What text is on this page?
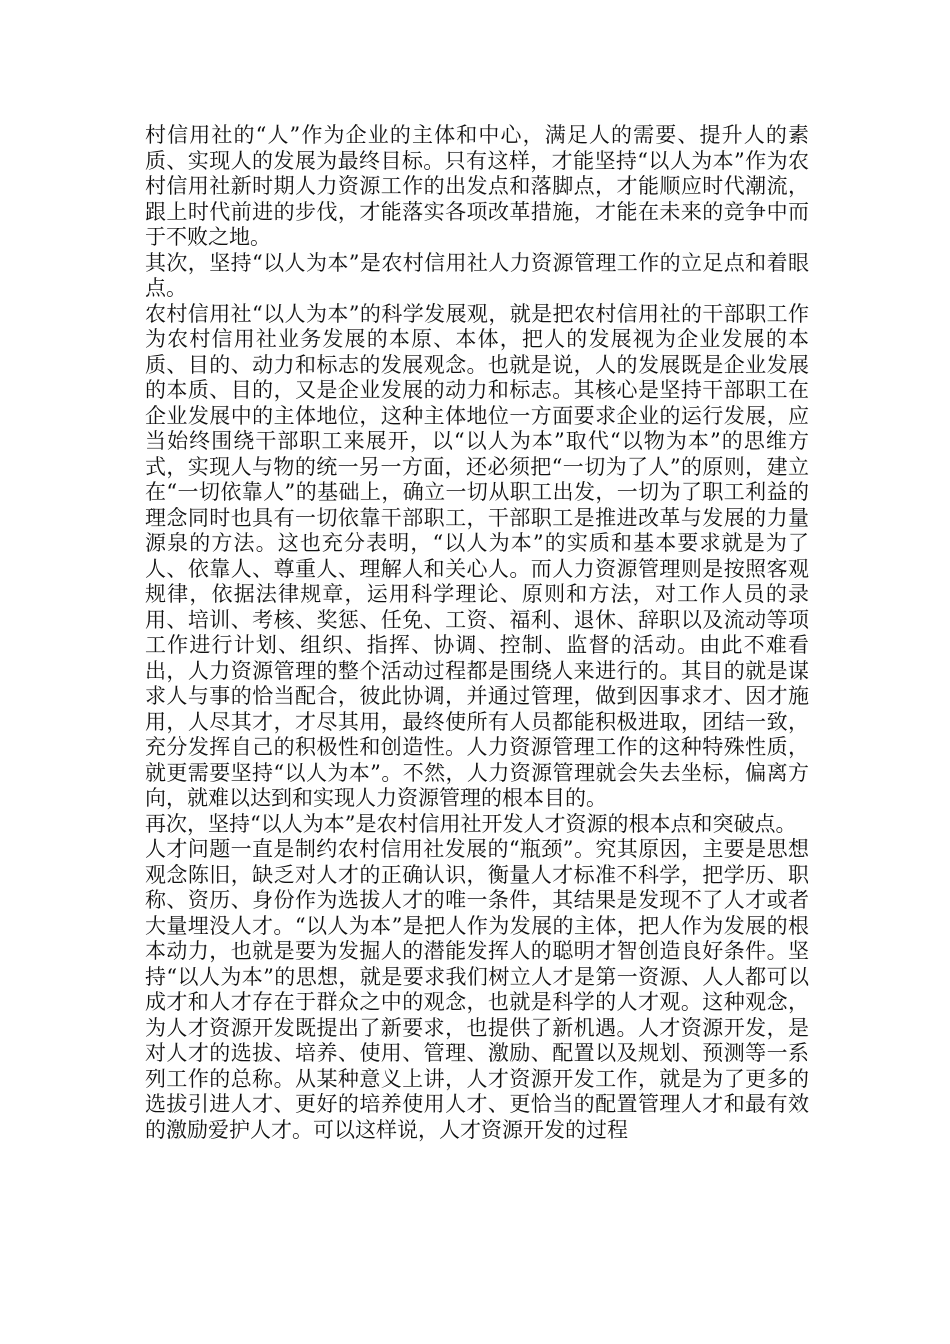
村信用社的“人”作为企业的主体和中心，满足人的需要、提升人的素质、实现人的发展为最终目标。只有这样，才能坚持“以人为本”作为农村信用社新时期人力资源工作的出发点和落脚点，才能顺应时代潮流，跟上时代前进的步伐，才能落实各项改革措施，才能在未来的竞争中而于不败之地。

其次，坚持“以人为本”是农村信用社人力资源管理工作的立足点和着眼点。

农村信用社“以人为本”的科学发展观，就是把农村信用社的干部职工作为农村信用社业务发展的本原、本体，把人的发展视为企业发展的本质、目的、动力和标志的发展观念。也就是说，人的发展既是企业发展的本质、目的，又是企业发展的动力和标志。其核心是坚持干部职工在企业发展中的主体地位，这种主体地位一方面要求企业的运行发展，应当始终围绕干部职工来展开，以“以人为本”取代“以物为本”的思维方式，实现人与物的统一另一方面，还必须把“一切为了人”的原则，建立在“一切依靠人”的基础上，确立一切从职工出发，一切为了职工利益的理念同时也具有一切依靠干部职工，干部职工是推进改革与发展的力量源泉的方法。这也充分表明，“以人为本”的实质和基本要求就是为了人、依靠人、尊重人、理解人和关心人。而人力资源管理则是按照客观规律，依据法律规章，运用科学理论、原则和方法，对工作人员的录用、培训、考核、奖惩、任免、工资、福利、退休、辞职以及流动等项工作进行计划、组织、指挥、协调、控制、监督的活动。由此不难看出，人力资源管理的整个活动过程都是围绕人来进行的。其目的就是谋求人与事的恰当配合，彼此协调，并通过管理，做到因事求才、因才施用，人尽其才，才尽其用，最终使所有人员都能积极进取，团结一致，充分发挥自己的积极性和创造性。人力资源管理工作的这种特殊性质，就更需要坚持“以人为本”。不然，人力资源管理就会失去坐标，偏离方向，就难以达到和实现人力资源管理的根本目的。

再次，坚持“以人为本”是农村信用社开发人才资源的根本点和突破点。

人才问题一直是制约农村信用社发展的“瓶颈”。究其原因，主要是思想观念陈旧，缺乏对人才的正确认识，衡量人才标准不科学，把学历、职称、资历、身份作为选拔人才的唯一条件，其结果是发现不了人才或者大量埋没人才。“以人为本”是把人作为发展的主体，把人作为发展的根本动力，也就是要为发掘人的潜能发挥人的聪明才智创造良好条件。坚持“以人为本”的思想，就是要求我们树立人才是第一资源、人人都可以成才和人才存在于群众之中的观念，也就是科学的人才观。这种观念，为人才资源开发既提出了新要求，也提供了新机遇。人才资源开发，是对人才的选拔、培养、使用、管理、激励、配置以及规划、预测等一系列工作的总称。从某种意义上讲，人才资源开发工作，就是为了更多的选拔引进人才、更好的培养使用人才、更恰当的配置管理人才和最有效的激励爱护人才。可以这样说，人才资源开发的过程
